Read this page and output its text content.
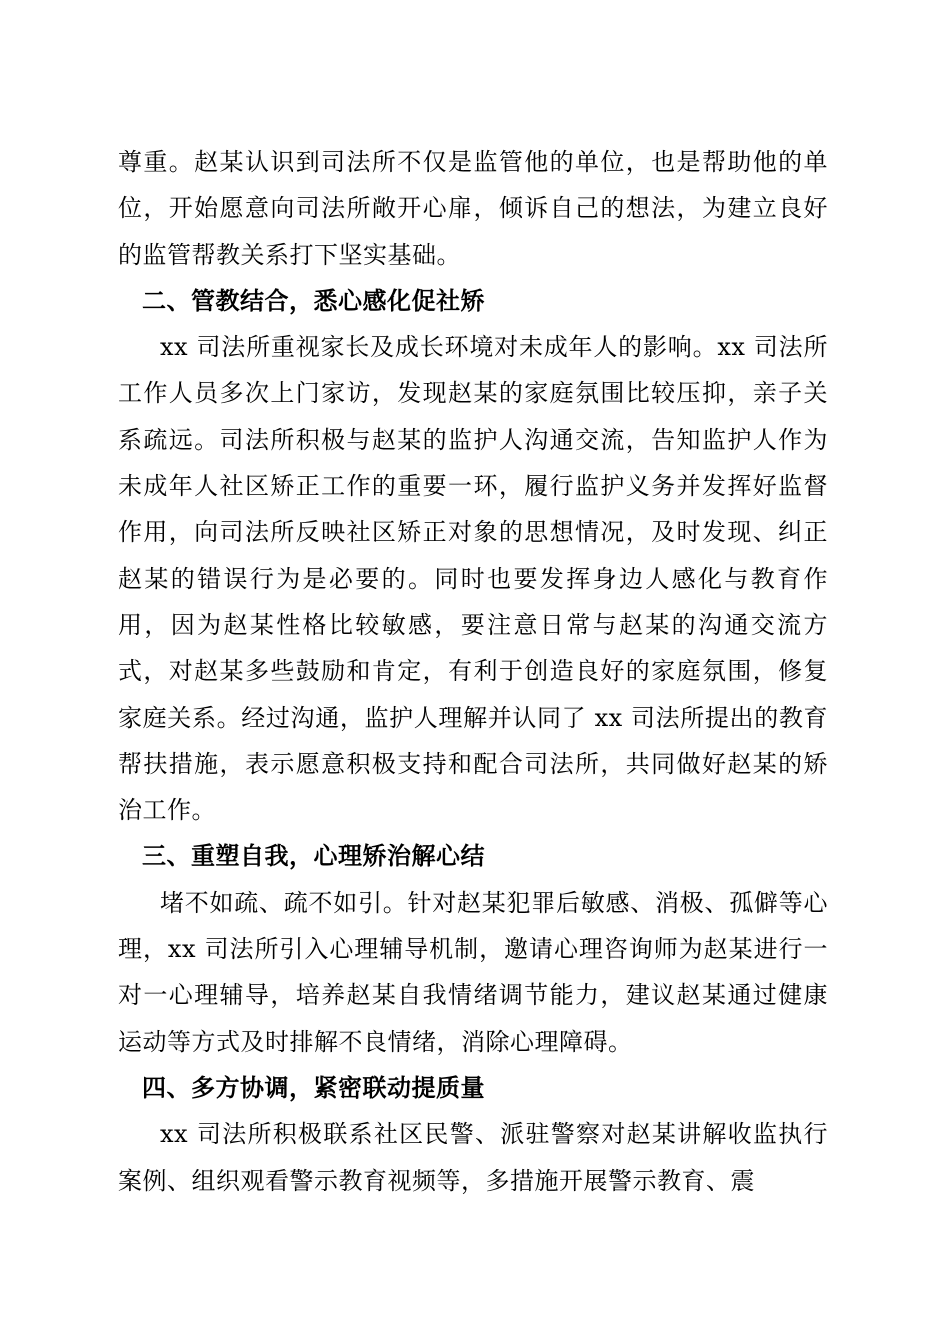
尊重。赵某认识到司法所不仅是监管他的单位，也是帮助他的单位，开始愿意向司法所敞开心扉，倾诉自己的想法，为建立良好的监管帮教关系打下坚实基础。

二、管教结合，悉心感化促社矫

xx 司法所重视家长及成长环境对未成年人的影响。xx 司法所工作人员多次上门家访，发现赵某的家庭氛围比较压抑，亲子关系疏远。司法所积极与赵某的监护人沟通交流，告知监护人作为未成年人社区矫正工作的重要一环，履行监护义务并发挥好监督作用，向司法所反映社区矫正对象的思想情况，及时发现、纠正赵某的错误行为是必要的。同时也要发挥身边人感化与教育作用，因为赵某性格比较敏感，要注意日常与赵某的沟通交流方式，对赵某多些鼓励和肯定，有利于创造良好的家庭氛围，修复家庭关系。经过沟通，监护人理解并认同了 xx 司法所提出的教育帮扶措施，表示愿意积极支持和配合司法所，共同做好赵某的矫治工作。

三、重塑自我，心理矫治解心结

堵不如疏、疏不如引。针对赵某犯罪后敏感、消极、孤僻等心理，xx 司法所引入心理辅导机制，邀请心理咨询师为赵某进行一对一心理辅导，培养赵某自我情绪调节能力，建议赵某通过健康运动等方式及时排解不良情绪，消除心理障碍。

四、多方协调，紧密联动提质量

xx 司法所积极联系社区民警、派驻警察对赵某讲解收监执行案例、组织观看警示教育视频等，多措施开展警示教育、震
